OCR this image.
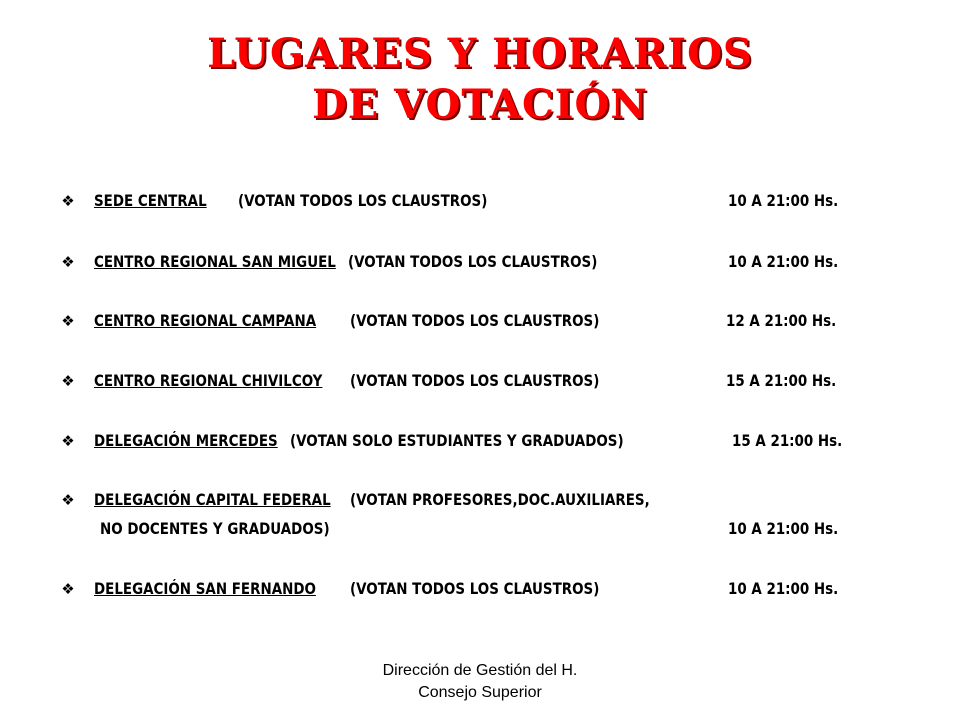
LUGARES Y HORARIOS
DE VOTACIÓN
❖ SEDE CENTRAL (VOTAN TODOS LOS CLAUSTROS)	10 A 21:00 Hs.
❖ CENTRO REGIONAL SAN MIGUEL (VOTAN TODOS LOS CLAUSTROS)	10 A 21:00 Hs.
❖ CENTRO REGIONAL CAMPANA (VOTAN TODOS LOS CLAUSTROS)	12 A 21:00 Hs.
❖ CENTRO REGIONAL CHIVILCOY (VOTAN TODOS LOS CLAUSTROS)	15 A 21:00 Hs.
❖ DELEGACIÓN MERCEDES (VOTAN SOLO ESTUDIANTES Y GRADUADOS)	15 A 21:00 Hs.
❖ DELEGACIÓN CAPITAL FEDERAL (VOTAN PROFESORES,DOC.AUXILIARES,
NO DOCENTES Y GRADUADOS)	10 A 21:00 Hs.
❖ DELEGACIÓN SAN FERNANDO (VOTAN TODOS LOS CLAUSTROS)	10 A 21:00 Hs.
Dirección de Gestión del H.
Consejo Superior
